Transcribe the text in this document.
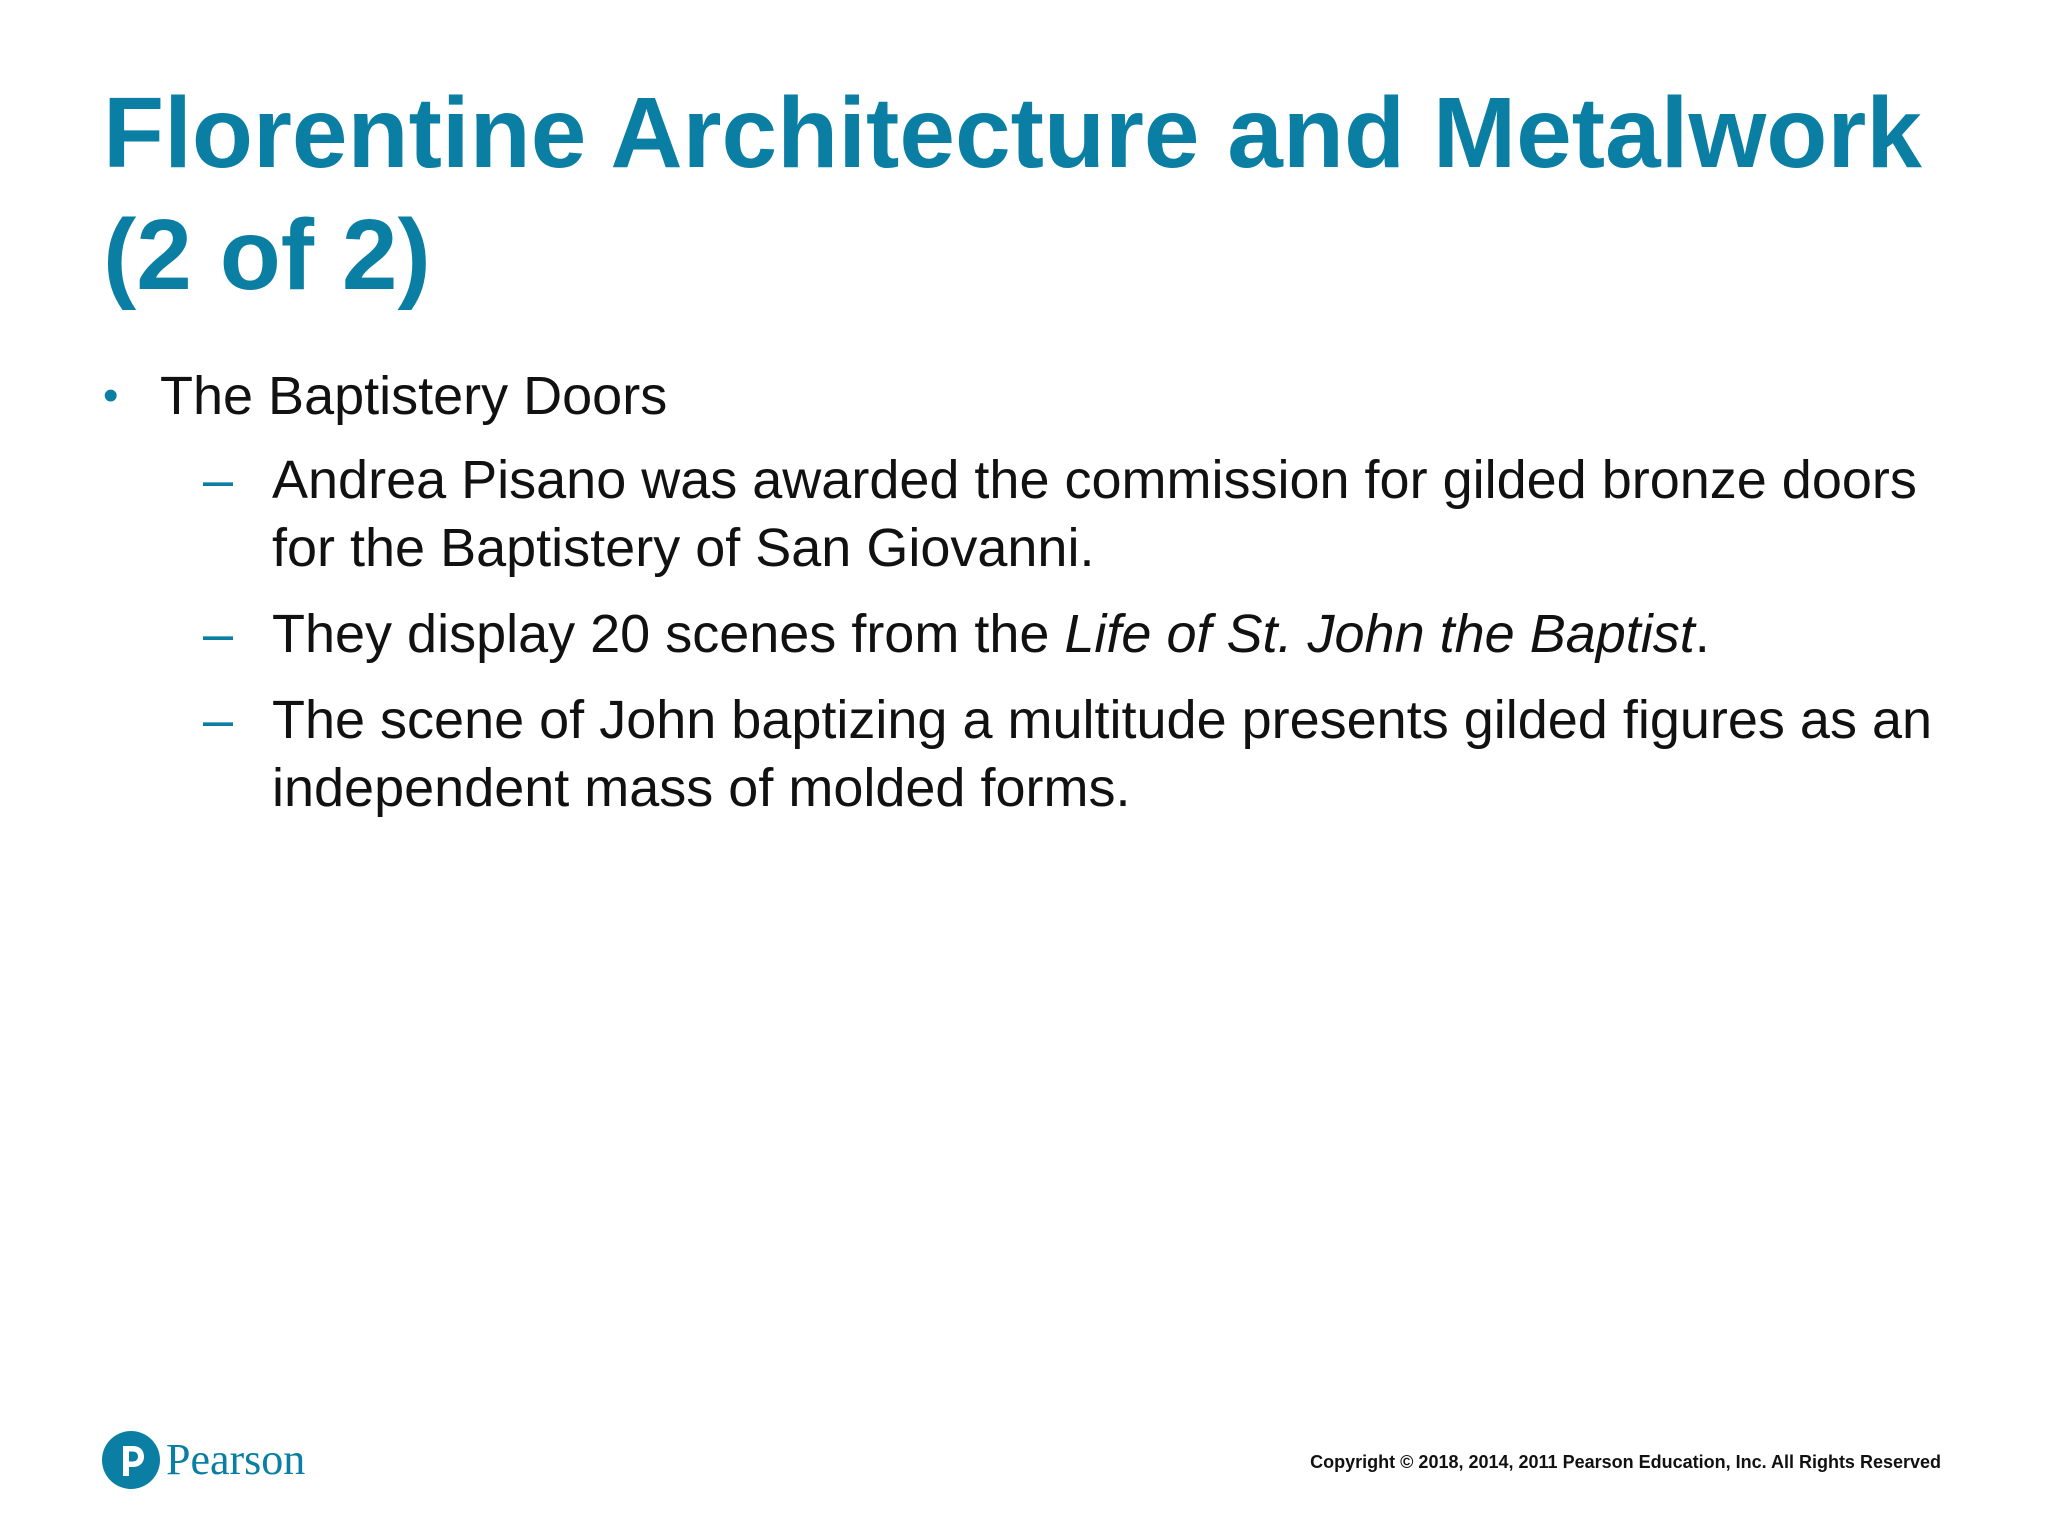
Florentine Architecture and Metalwork
(2 of 2)
• The Baptistery Doors
– Andrea Pisano was awarded the commission for gilded bronze doors for the Baptistery of San Giovanni.
– They display 20 scenes from the Life of St. John the Baptist.
– The scene of John baptizing a multitude presents gilded figures as an independent mass of molded forms.
Pearson	Copyright © 2018, 2014, 2011 Pearson Education, Inc. All Rights Reserved
